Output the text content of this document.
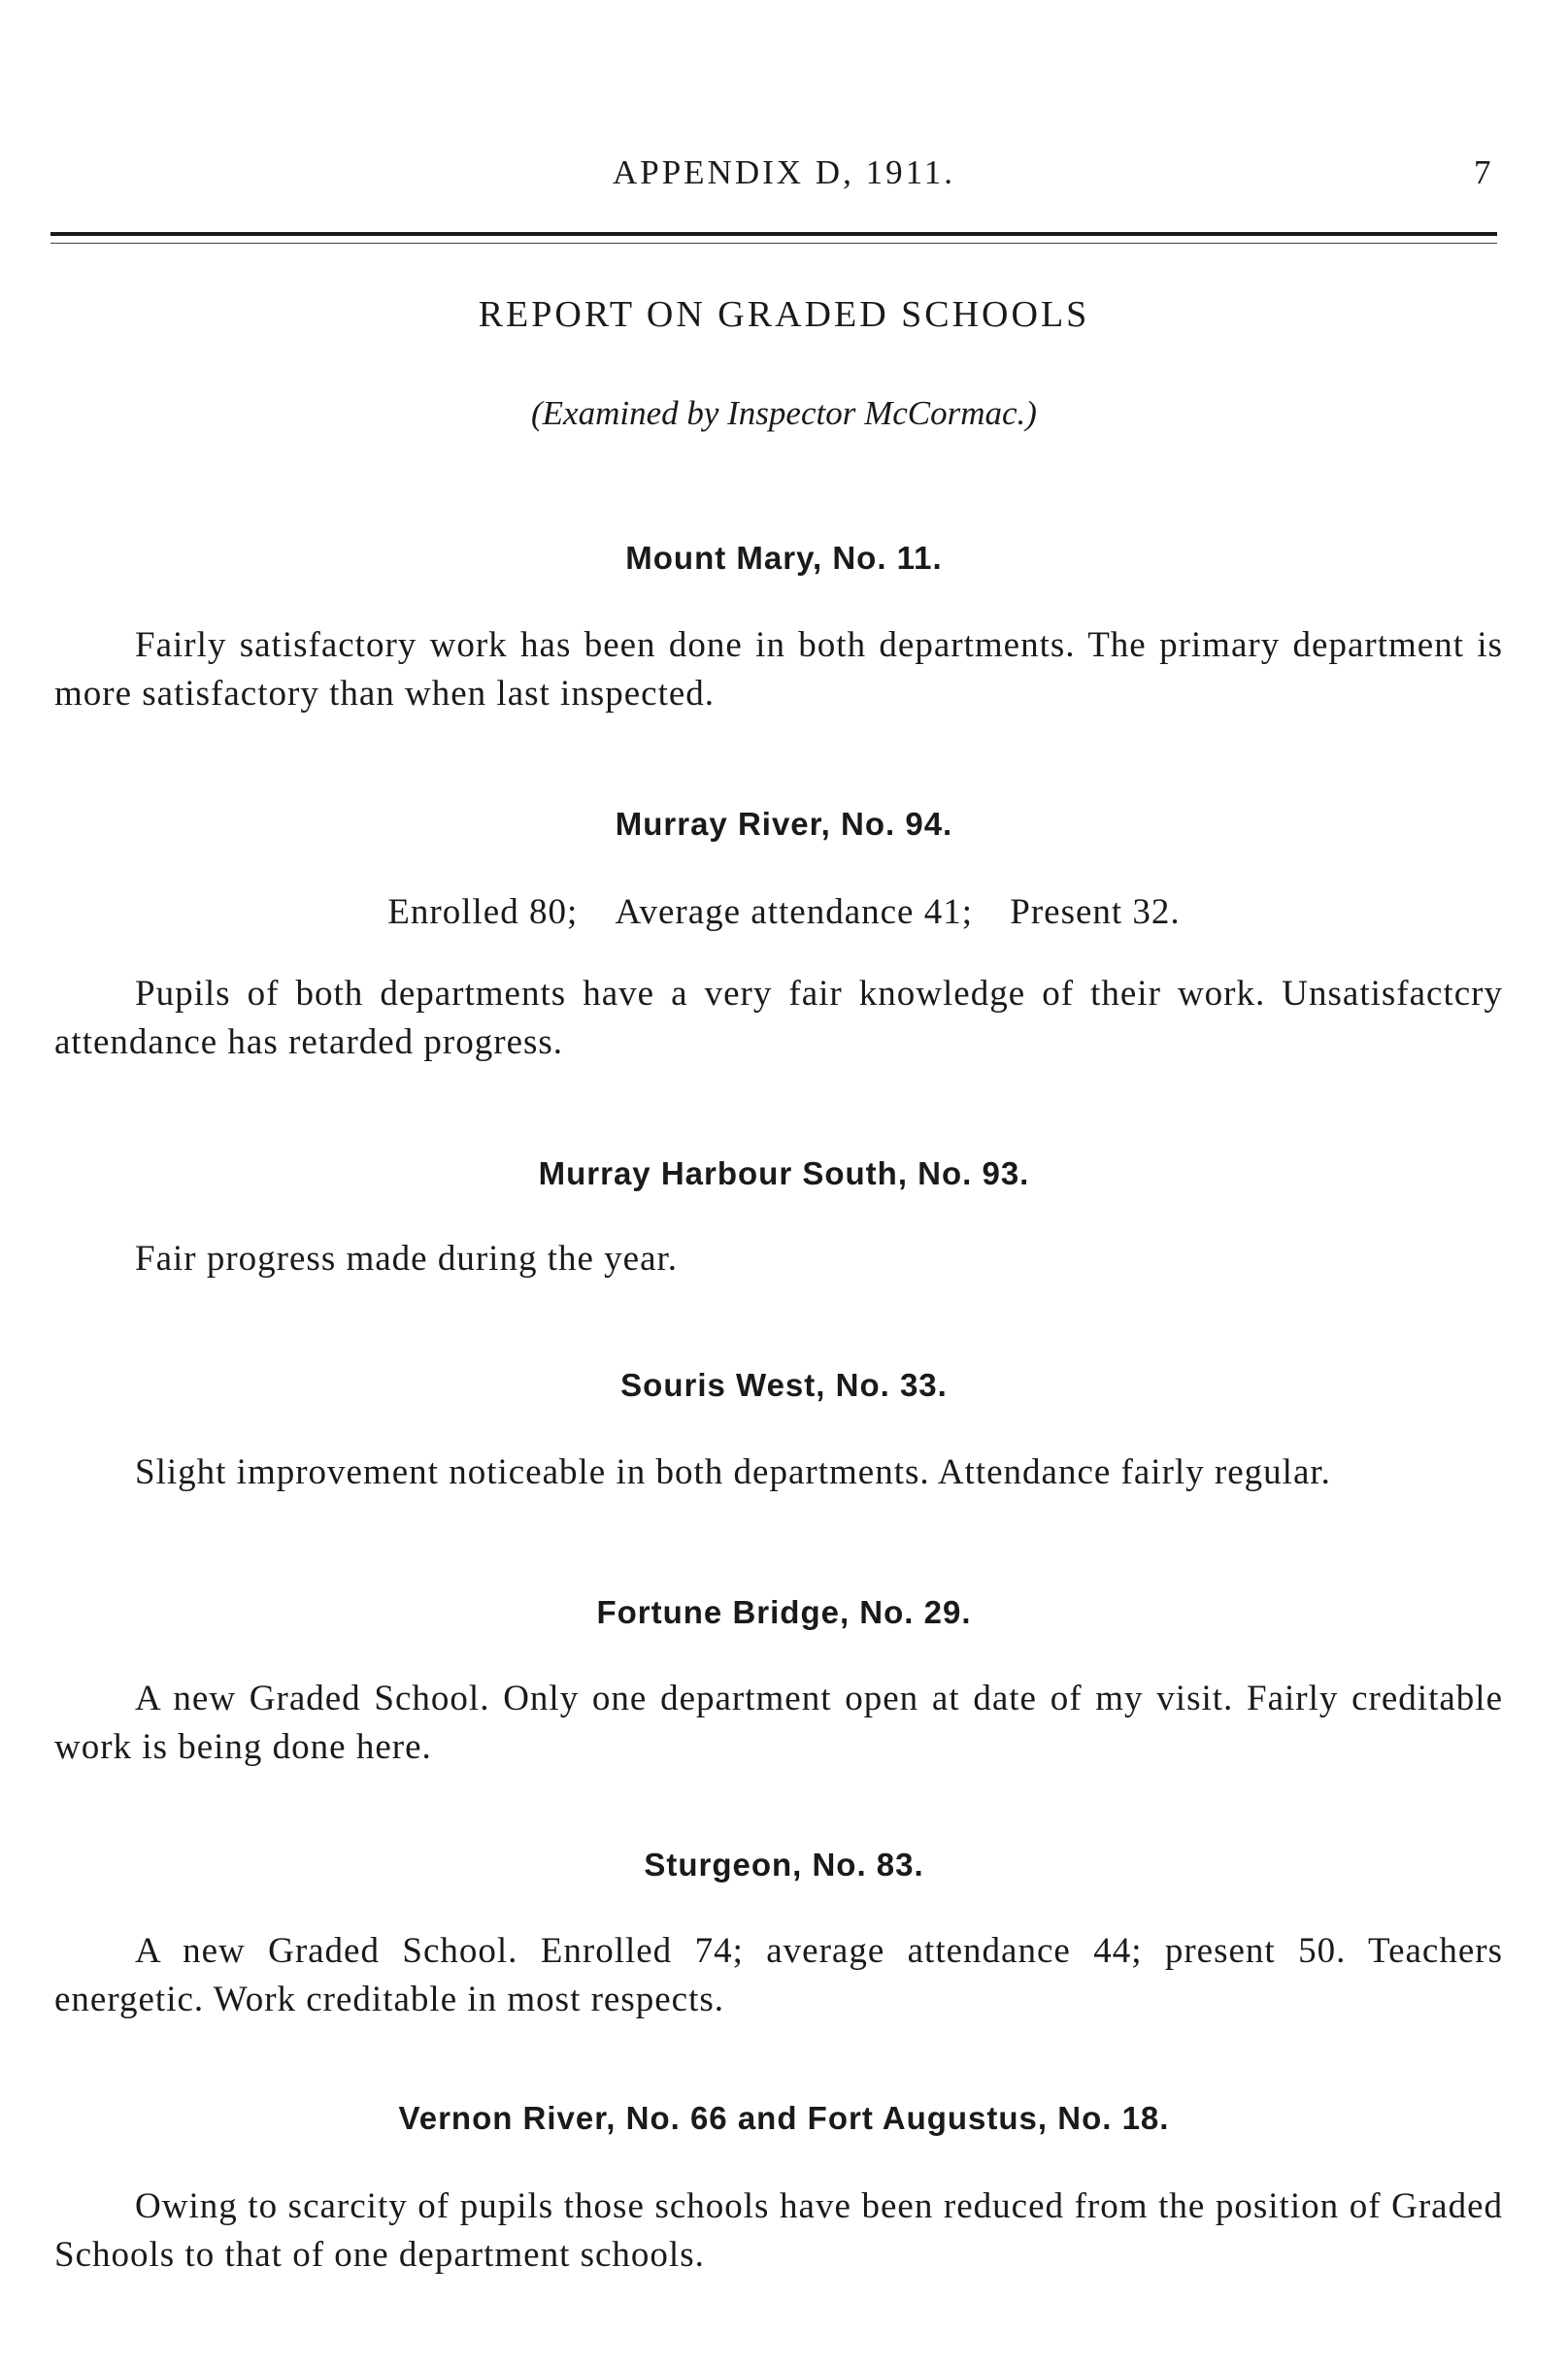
APPENDIX D, 1911.	7
REPORT ON GRADED SCHOOLS
(Examined by Inspector McCormac.)
Mount Mary, No. 11.
Fairly satisfactory work has been done in both departments. The primary department is more satisfactory than when last inspected.
Murray River, No. 94.
Enrolled 80; Average attendance 41; Present 32.
Pupils of both departments have a very fair knowledge of their work. Unsatisfactcry attendance has retarded progress.
Murray Harbour South, No. 93.
Fair progress made during the year.
Souris West, No. 33.
Slight improvement noticeable in both departments. Attendance fairly regular.
Fortune Bridge, No. 29.
A new Graded School. Only one department open at date of my visit. Fairly creditable work is being done here.
Sturgeon, No. 83.
A new Graded School. Enrolled 74; average attendance 44; present 50. Teachers energetic. Work creditable in most respects.
Vernon River, No. 66 and Fort Augustus, No. 18.
Owing to scarcity of pupils those schools have been reduced from the position of Graded Schools to that of one department schools.
